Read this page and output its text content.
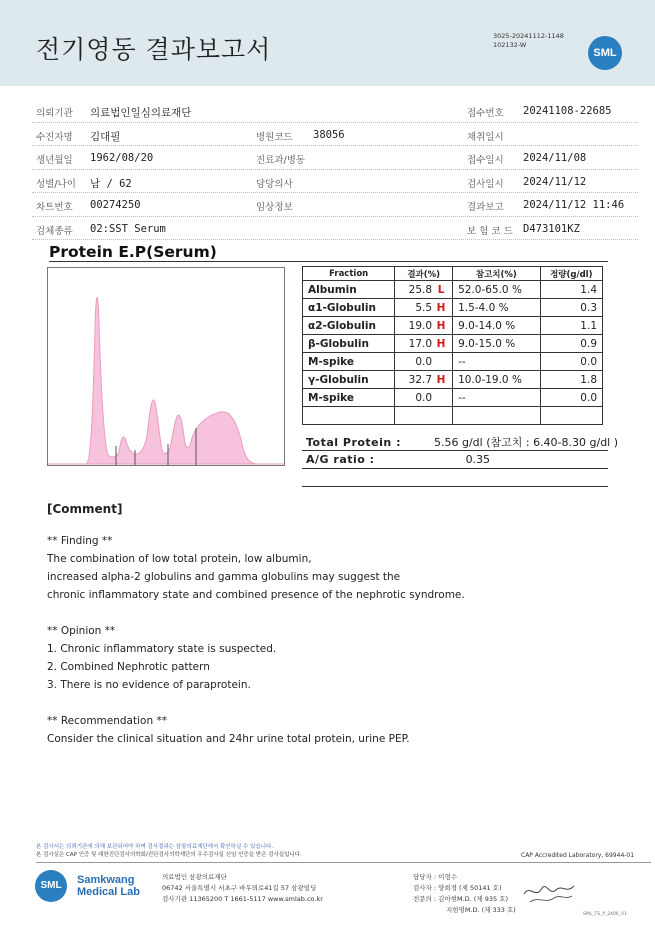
전기영동 결과보고서	3025-20241112-1148
102132-W
SML
의뢰기관 의료법인일심의료재단	접수번호 20241108-22685
수진자명 김대필	병원코드 38056	채취일시
생년월일 1962/08/20	진료과/병동	접수일시 2024/11/08
성별/나이 남 / 62	담당의사	검사일시 2024/11/12
차트번호 00274250	임상정보	결과보고 2024/11/12 11:46
검체종류 02:SST Serum	보 험 코 드 D473101KZ
Protein E.P(Serum)
Fraction	결과(%)	참고치(%)	정량(g/dl)
Albumin	25.8 L	52.0-65.0 %	1.4
α1-Globulin	5.5 H	1.5-4.0 %	0.3
α2-Globulin	19.0 H	9.0-14.0 %	1.1
β-Globulin	17.0 H	9.0-15.0 %	0.9
M-spike	0.0	--	0.0
γ-Globulin	32.7 H	10.0-19.0 %	1.8
M-spike	0.0	--	0.0

Total Protein :	5.56 g/dl (참고치 : 6.40-8.30 g/dl )
A/G ratio :	0.35
[Comment]
** Finding **
The combination of low total protein, low albumin,
increased alpha-2 globulins and gamma globulins may suggest the
chronic inflammatory state and combined presence of the nephrotic syndrome.
** Opinion **
1. Chronic inflammatory state is suspected.
2. Combined Nephrotic pattern
3. There is no evidence of paraprotein.
** Recommendation **
Consider the clinical situation and 24hr urine total protein, urine PEP.
본 검사서는 의뢰기관에 의해 보관되어야 하며 검사결과는 삼광의료재단에서 확인하실 수 있습니다.
본 검사실은 CAP 인증 및 대한진단검사의학회/진단검사의학재단의 우수검사실 신임 인증을 받은 검사실입니다.	CAP Accredited Laboratory, 69944-01
SML	Samkwang
Medical Lab
의료법인 삼광의료재단
06742 서울특별시 서초구 바우뫼로41길 57 삼광빌딩
검사기관 11365200 T 1661-5117 www.smlab.co.kr
담당자 : 이형수
검사자 : 양희경 (제 50141 호)
전문의 : 김아현M.D. (제 935 호)
지현영M.D. (제 333 호)
SML_TS_P_2406_V1
